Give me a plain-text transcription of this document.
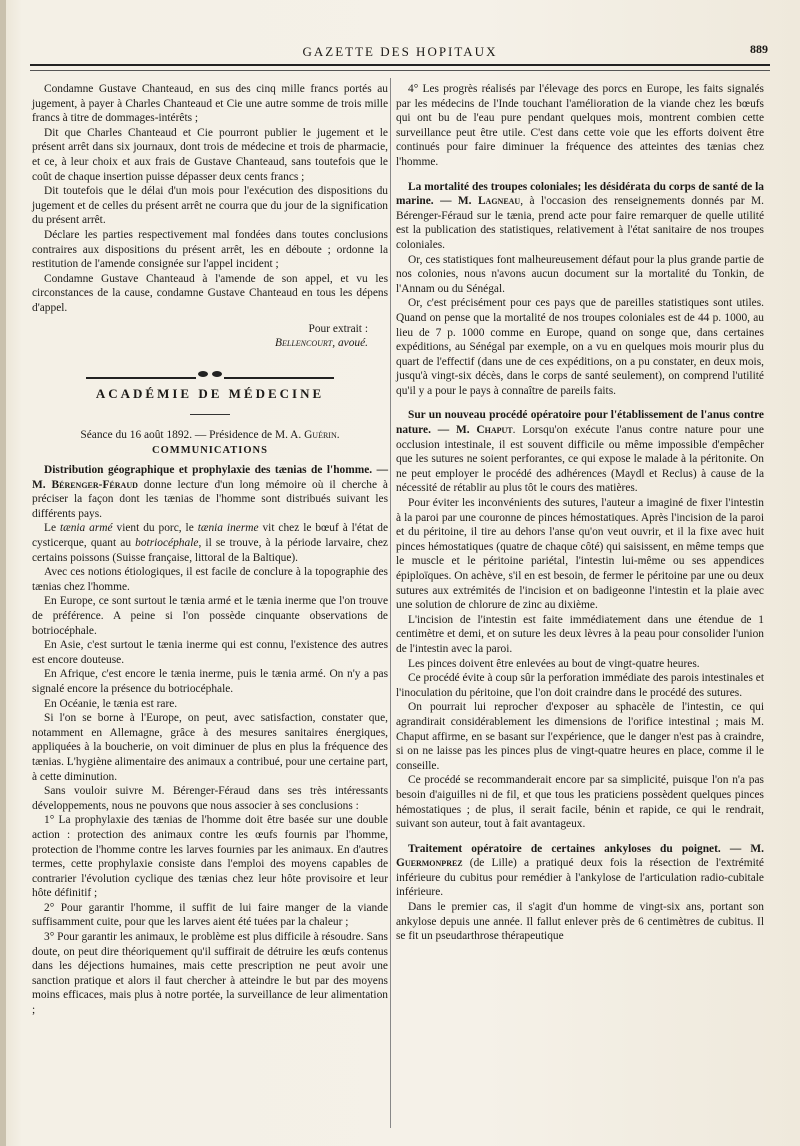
GAZETTE DES HOPITAUX	889

Condamne Gustave Chanteaud, en sus des cinq mille francs portés au jugement, à payer à Charles Chanteaud et Cie une autre somme de trois mille francs à titre de dommages-intérêts ;

Dit que Charles Chanteaud et Cie pourront publier le jugement et le présent arrêt dans six journaux, dont trois de médecine et trois de pharmacie, et ce, à leur choix et aux frais de Gustave Chanteaud, sans toutefois que le coût de chaque insertion puisse dépasser deux cents francs ;

Dit toutefois que le délai d'un mois pour l'exécution des dispositions du jugement et de celles du présent arrêt ne courra que du jour de la signification du présent arrêt.

Déclare les parties respectivement mal fondées dans toutes conclusions contraires aux dispositions du présent arrêt, les en déboute ; ordonne la restitution de l'amende consignée sur l'appel incident ;

Condamne Gustave Chanteaud à l'amende de son appel, et vu les circonstances de la cause, condamne Gustave Chanteaud en tous les dépens d'appel.

Pour extrait :
Bellencourt, avoué.
ACADÉMIE DE MÉDECINE
Séance du 16 août 1892. — Présidence de M. A. Guérin.
COMMUNICATIONS

Distribution géographique et prophylaxie des tænias de l'homme. — M. Bérenger-Féraud donne lecture d'un long mémoire où il cherche à préciser la façon dont les tænias de l'homme sont distribués suivant les différents pays.

Le tænia armé vient du porc, le tænia inerme vit chez le bœuf à l'état de cysticerque, quant au botriocéphale, il se trouve, à la période larvaire, chez certains poissons (Suisse française, littoral de la Baltique).

Avec ces notions étiologiques, il est facile de conclure à la topographie des tænias chez l'homme.

En Europe, ce sont surtout le tænia armé et le tænia inerme que l'on trouve de préférence. A peine si l'on possède cinquante observations de botriocéphale.

En Asie, c'est surtout le tænia inerme qui est connu, l'existence des autres est encore douteuse.

En Afrique, c'est encore le tænia inerme, puis le tænia armé. On n'y a pas signalé encore la présence du botriocéphale.

En Océanie, le tænia est rare.

Si l'on se borne à l'Europe, on peut, avec satisfaction, constater que, notamment en Allemagne, grâce à des mesures sanitaires énergiques, appliquées à la boucherie, on voit diminuer de plus en plus la fréquence des tænias. L'hygiène alimentaire des animaux a contribué, pour une certaine part, à cette diminution.

Sans vouloir suivre M. Bérenger-Féraud dans ses très intéressants développements, nous ne pouvons que nous associer à ses conclusions :

1° La prophylaxie des tænias de l'homme doit être basée sur une double action : protection des animaux contre les œufs fournis par l'homme, protection de l'homme contre les larves fournies par les animaux. En d'autres termes, cette prophylaxie consiste dans l'emploi des moyens capables de contrarier l'évolution cyclique des tænias chez leur hôte provisoire et leur hôte définitif ;

2° Pour garantir l'homme, il suffit de lui faire manger de la viande suffisamment cuite, pour que les larves aient été tuées par la chaleur ;

3° Pour garantir les animaux, le problème est plus difficile à résoudre. Sans doute, on peut dire théoriquement qu'il suffirait de détruire les œufs contenus dans les déjections humaines, mais cette prescription ne peut avoir une sanction pratique et alors il faut chercher à atteindre le but par des moyens moins efficaces, mais plus à notre portée, la surveillance de leur alimentation ;

4° Les progrès réalisés par l'élevage des porcs en Europe, les faits signalés par les médecins de l'Inde touchant l'amélioration de la viande chez les bœufs qui ont bu de l'eau pure pendant quelques mois, montrent combien cette surveillance peut être utile. C'est dans cette voie que les efforts doivent être continués pour faire diminuer la fréquence des atteintes des tænias chez l'homme.

La mortalité des troupes coloniales; les désidérata du corps de santé de la marine. — M. Lagneau, à l'occasion des renseignements donnés par M. Bérenger-Féraud sur le tænia, prend acte pour faire remarquer de quelle utilité est la publication des statistiques, relativement à l'état sanitaire de nos troupes coloniales.

Or, ces statistiques font malheureusement défaut pour la plus grande partie de nos colonies, nous n'avons aucun document sur la mortalité du Tonkin, de l'Annam ou du Sénégal.

Or, c'est précisément pour ces pays que de pareilles statistiques sont utiles. Quand on pense que la mortalité de nos troupes coloniales est de 44 p. 1000, au lieu de 7 p. 1000 comme en Europe, quand on songe que, dans certaines expéditions, au Sénégal par exemple, on a vu en quelques mois mourir plus du quart de l'effectif (dans une de ces expéditions, on a pu constater, en deux mois, jusqu'à vingt-six décès, dans le corps de santé seulement), on comprend l'utilité qu'il y a pour le pays à connaître de pareils faits.

Sur un nouveau procédé opératoire pour l'établissement de l'anus contre nature. — M. Chaput. Lorsqu'on exécute l'anus contre nature pour une occlusion intestinale, il est souvent difficile ou même impossible d'empêcher que les sutures ne soient perforantes, ce qui expose le malade à la péritonite. On ne peut employer le procédé des adhérences (Maydl et Reclus) à cause de la nécessité de rétablir au plus tôt le cours des matières.

Pour éviter les inconvénients des sutures, l'auteur a imaginé de fixer l'intestin à la paroi par une couronne de pinces hémostatiques. Après l'incision de la paroi et du péritoine, il tire au dehors l'anse qu'on veut ouvrir, et il la fixe avec huit pinces hémostatiques (quatre de chaque côté) qui saisissent, en même temps que le muscle et le péritoine pariétal, l'intestin lui-même ou ses appendices épiploïques. On achève, s'il en est besoin, de fermer le péritoine par une ou deux sutures aux extrémités de l'incision et on badigeonne l'intestin et la plaie avec une solution de chlorure de zinc au dixième.

L'incision de l'intestin est faite immédiatement dans une étendue de 1 centimètre et demi, et on suture les deux lèvres à la peau pour consolider l'union de l'intestin avec la paroi.

Les pinces doivent être enlevées au bout de vingt-quatre heures.

Ce procédé évite à coup sûr la perforation immédiate des parois intestinales et l'inoculation du péritoine, que l'on doit craindre dans le procédé des sutures.

On pourrait lui reprocher d'exposer au sphacèle de l'intestin, ce qui agrandirait considérablement les dimensions de l'orifice intestinal ; mais M. Chaput affirme, en se basant sur l'expérience, que le danger n'est pas à craindre, si on ne laisse pas les pinces plus de vingt-quatre heures en place, comme il le conseille.

Ce procédé se recommanderait encore par sa simplicité, puisque l'on n'a pas besoin d'aiguilles ni de fil, et que tous les praticiens possèdent quelques pinces hémostatiques ; de plus, il serait facile, bénin et rapide, ce qui le rendrait, suivant son auteur, tout à fait avantageux.

Traitement opératoire de certaines ankyloses du poignet. — M. Guermonprez (de Lille) a pratiqué deux fois la résection de l'extrémité inférieure du cubitus pour remédier à l'ankylose de l'articulation radio-cubitale inférieure.

Dans le premier cas, il s'agit d'un homme de vingt-six ans, portant son ankylose depuis une année. Il fallut enlever près de 6 centimètres de cubitus. Il se fit un pseudarthrose thérapeutique
